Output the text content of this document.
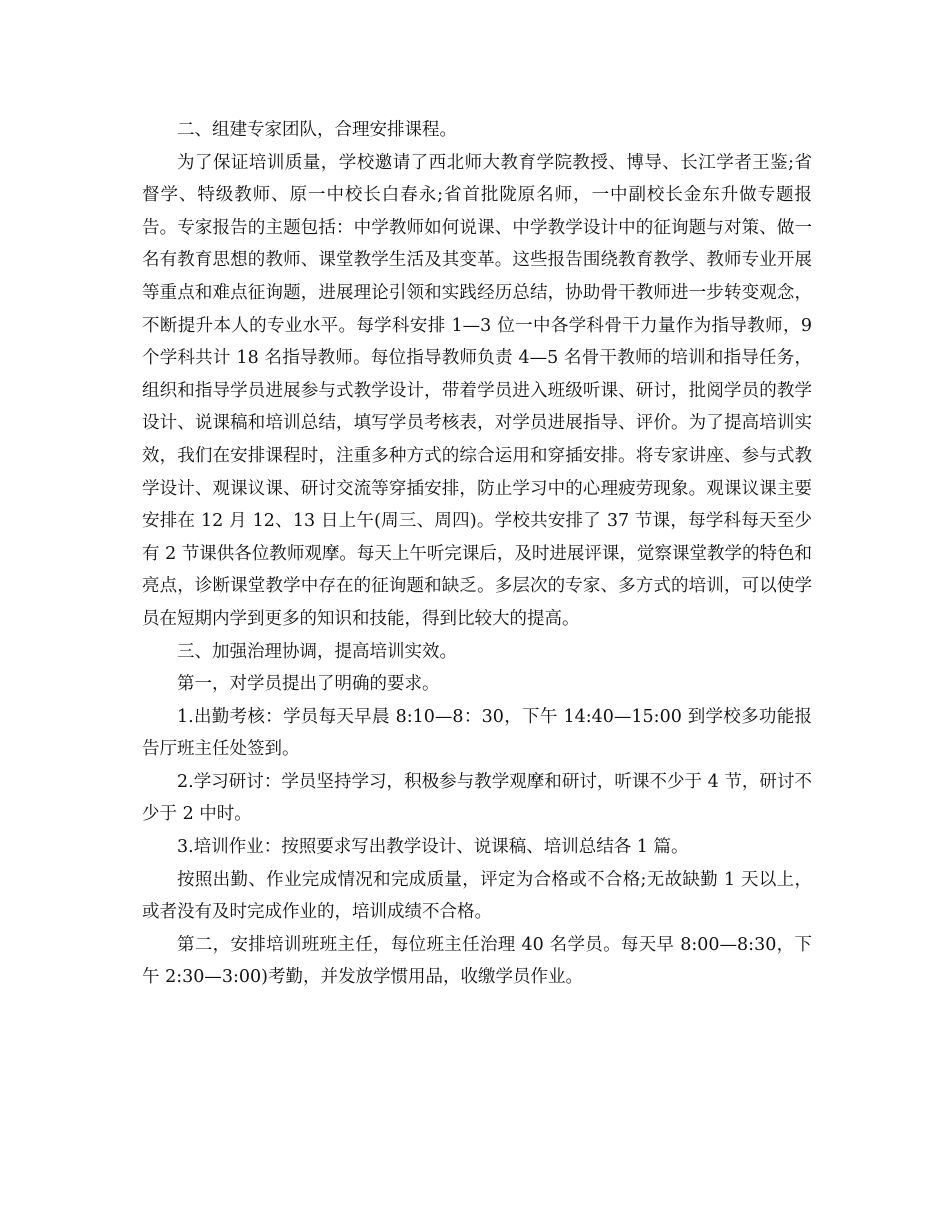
二、组建专家团队，合理安排课程。

为了保证培训质量，学校邀请了西北师大教育学院教授、博导、长江学者王鉴;省督学、特级教师、原一中校长白春永;省首批陇原名师，一中副校长金东升做专题报告。专家报告的主题包括：中学教师如何说课、中学教学设计中的征询题与对策、做一名有教育思想的教师、课堂教学生活及其变革。这些报告围绕教育教学、教师专业开展等重点和难点征询题，进展理论引领和实践经历总结，协助骨干教师进一步转变观念，不断提升本人的专业水平。每学科安排 1—3 位一中各学科骨干力量作为指导教师，9 个学科共计 18 名指导教师。每位指导教师负责 4—5 名骨干教师的培训和指导任务，组织和指导学员进展参与式教学设计，带着学员进入班级听课、研讨，批阅学员的教学设计、说课稿和培训总结，填写学员考核表，对学员进展指导、评价。为了提高培训实效，我们在安排课程时，注重多种方式的综合运用和穿插安排。将专家讲座、参与式教学设计、观课议课、研讨交流等穿插安排，防止学习中的心理疲劳现象。观课议课主要安排在 12 月 12、13 日上午(周三、周四)。学校共安排了 37 节课，每学科每天至少有 2 节课供各位教师观摩。每天上午听完课后，及时进展评课，觉察课堂教学的特色和亮点，诊断课堂教学中存在的征询题和缺乏。多层次的专家、多方式的培训，可以使学员在短期内学到更多的知识和技能，得到比较大的提高。

三、加强治理协调，提高培训实效。

第一，对学员提出了明确的要求。

1.出勤考核：学员每天早晨 8:10—8：30，下午 14:40—15:00 到学校多功能报告厅班主任处签到。

2.学习研讨：学员坚持学习，积极参与教学观摩和研讨，听课不少于 4 节，研讨不少于 2 中时。

3.培训作业：按照要求写出教学设计、说课稿、培训总结各 1 篇。

按照出勤、作业完成情况和完成质量，评定为合格或不合格;无故缺勤 1 天以上，或者没有及时完成作业的，培训成绩不合格。

第二，安排培训班班主任，每位班主任治理 40 名学员。每天早 8:00—8:30，下午 2:30—3:00)考勤，并发放学惯用品，收缴学员作业。
